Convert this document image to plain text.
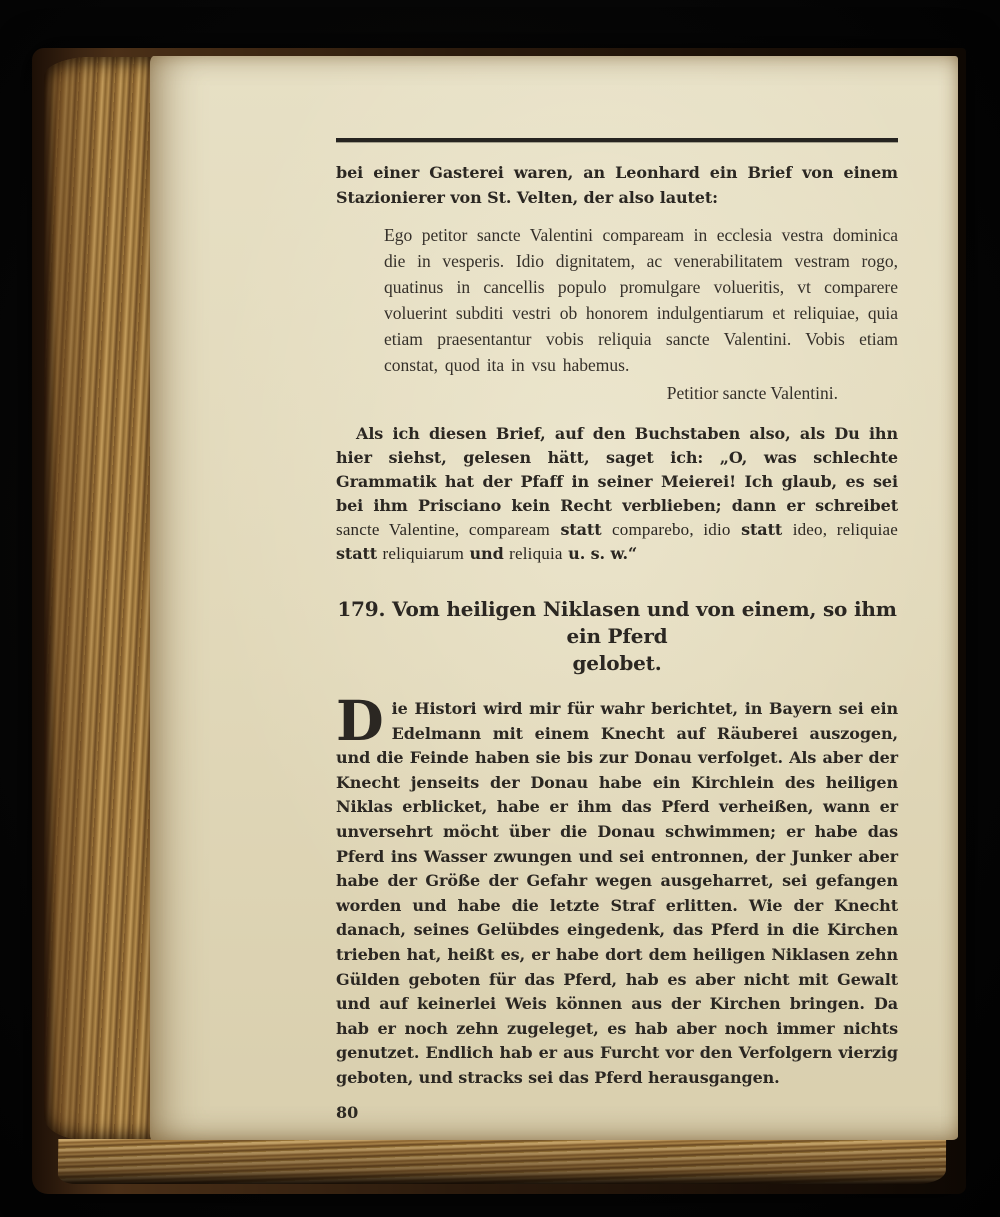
bei einer Gasterei waren, an Leonhard ein Brief von einem Stazionierer von St. Velten, der also lautet:

Ego petitor sancte Valentini compaream in ecclesia vestra dominica die in vesperis. Idio dignitatem, ac venerabilitatem vestram rogo, quatinus in cancellis populo promulgare volueritis, vt comparere voluerint subditi vestri ob honorem indulgentiarum et reliquiae, quia etiam praesentantur vobis reliquia sancte Valentini. Vobis etiam constat, quod ita in vsu habemus.

Petitior sancte Valentini.

Als ich diesen Brief, auf den Buchstaben also, als Du ihn hier siehst, gelesen hätt, saget ich: „O, was schlechte Grammatik hat der Pfaff in seiner Meierei! Ich glaub, es sei bei ihm Prisciano kein Recht verblieben; dann er schreibet sancte Valentine, compaream statt comparebo, idio statt ideo, reliquiae statt reliquiarum und reliquia u. s. w.“

179. Vom heiligen Niklasen und von einem, so ihm ein Pferd
gelobet.
Die Histori wird mir für wahr berichtet, in Bayern sei ein Edelmann mit einem Knecht auf Räuberei auszogen, und die Feinde haben sie bis zur Donau verfolget. Als aber der Knecht jenseits der Donau habe ein Kirchlein des heiligen Niklas erblicket, habe er ihm das Pferd verheißen, wann er unversehrt möcht über die Donau schwimmen; er habe das Pferd ins Wasser zwungen und sei entronnen, der Junker aber habe der Größe der Gefahr wegen ausgeharret, sei gefangen worden und habe die letzte Straf erlitten. Wie der Knecht danach, seines Gelübdes eingedenk, das Pferd in die Kirchen trieben hat, heißt es, er habe dort dem heiligen Niklasen zehn Gülden geboten für das Pferd, hab es aber nicht mit Gewalt und auf keinerlei Weis können aus der Kirchen bringen. Da hab er noch zehn zugeleget, es hab aber noch immer nichts genutzet. Endlich hab er aus Furcht vor den Verfolgern vierzig geboten, und stracks sei das Pferd herausgangen.
80
